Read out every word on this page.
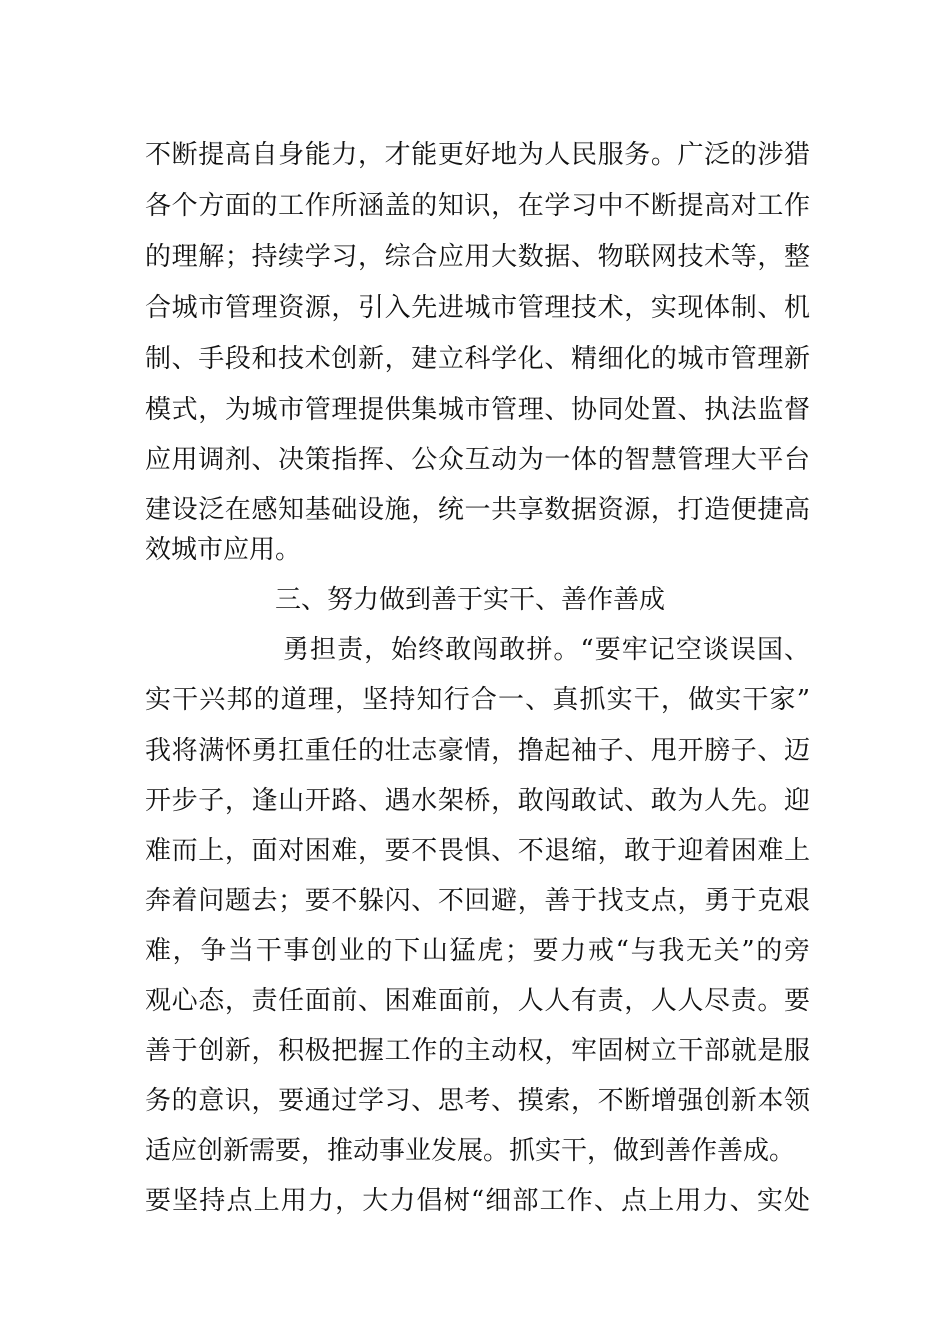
不断提高自身能力，才能更好地为人民服务。广泛的涉猎
各个方面的工作所涵盖的知识，在学习中不断提高对工作
的理解；持续学习，综合应用大数据、物联网技术等，整
合城市管理资源，引入先进城市管理技术，实现体制、机
制、手段和技术创新，建立科学化、精细化的城市管理新
模式，为城市管理提供集城市管理、协同处置、执法监督
应用调剂、决策指挥、公众互动为一体的智慧管理大平台
建设泛在感知基础设施，统一共享数据资源，打造便捷高
效城市应用。
三、努力做到善于实干、善作善成
勇担责，始终敢闯敢拼。“要牢记空谈误国、
实干兴邦的道理，坚持知行合一、真抓实干，做实干家”
我将满怀勇扛重任的壮志豪情，撸起袖子、甩开膀子、迈
开步子，逢山开路、遇水架桥，敢闯敢试、敢为人先。迎
难而上，面对困难，要不畏惧、不退缩，敢于迎着困难上
奔着问题去；要不躲闪、不回避，善于找支点，勇于克艰
难，争当干事创业的下山猛虎；要力戒“与我无关”的旁
观心态，责任面前、困难面前，人人有责，人人尽责。要
善于创新，积极把握工作的主动权，牢固树立干部就是服
务的意识，要通过学习、思考、摸索，不断增强创新本领
适应创新需要，推动事业发展。抓实干，做到善作善成。
要坚持点上用力，大力倡树“细部工作、点上用力、实处
